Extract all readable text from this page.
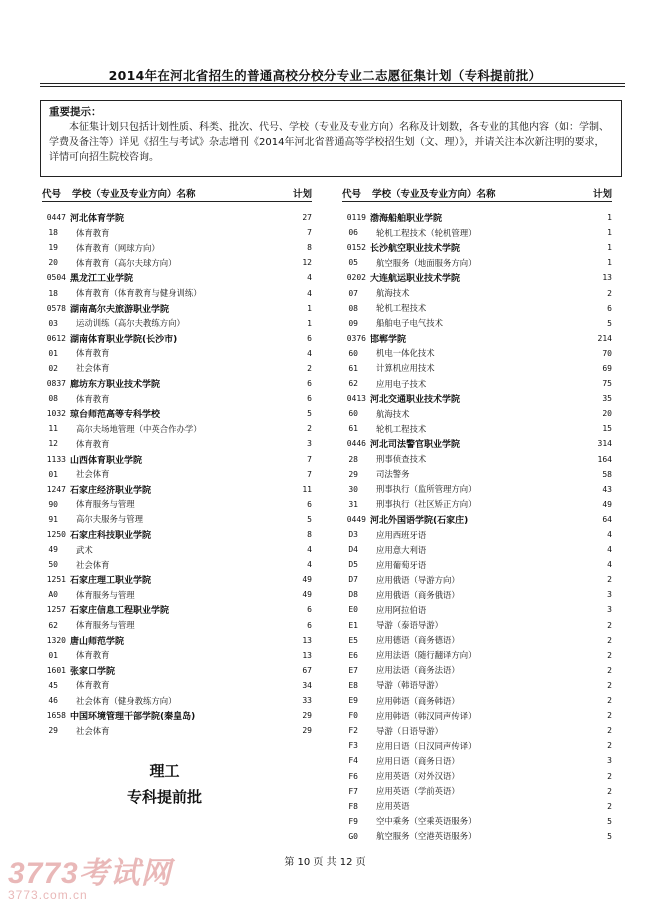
2014年在河北省招生的普通高校分校分专业二志愿征集计划（专科提前批）
重要提示：
本征集计划只包括计划性质、科类、批次、代号、学校（专业及专业方向）名称及计划数，各专业的其他内容（如：学制、学费及备注等）详见《招生与考试》杂志增刊《2014年河北省普通高等学校招生划（文、理）》，并请关注本次新注明的要求，详情可向招生院校咨询。
代号	学校（专业及专业方向）名称	计划
0447 河北体育学院	27
18	体育教育	7
19	体育教育（网球方向）	8
20	体育教育（高尔夫球方向）	12
0504 黑龙江工业学院	4
18	体育教育（体育教育与健身训练）	4
0578 湖南高尔夫旅游职业学院	1
03	运动训练（高尔夫教练方向）	1
0612 湖南体育职业学院(长沙市)	6
01	体育教育	4
02	社会体育	2
0837 廊坊东方职业技术学院	6
08	体育教育	6
1032 琼台师范高等专科学校	5
11	高尔夫场地管理（中英合作办学）	2
12	体育教育	3
1133 山西体育职业学院	7
01	社会体育	7
1247 石家庄经济职业学院	11
90	体育服务与管理	6
91	高尔夫服务与管理	5
1250 石家庄科技职业学院	8
49	武术	4
50	社会体育	4
1251 石家庄理工职业学院	49
A0	体育服务与管理	49
1257 石家庄信息工程职业学院	6
62	体育服务与管理	6
1320 唐山师范学院	13
01	体育教育	13
1601 张家口学院	67
45	体育教育	34
46	社会体育（健身教练方向）	33
1658 中国环境管理干部学院(秦皇岛)	29
29	社会体育	29
代号	学校（专业及专业方向）名称	计划
0119 渤海船舶职业学院	1
06	轮机工程技术（轮机管理）	1
0152 长沙航空职业技术学院	1
05	航空服务（地面服务方向）	1
0202 大连航运职业技术学院	13
07	航海技术	2
08	轮机工程技术	6
09	船舶电子电气技术	5
0376 邯郸学院	214
60	机电一体化技术	70
61	计算机应用技术	69
62	应用电子技术	75
0413 河北交通职业技术学院	35
60	航海技术	20
61	轮机工程技术	15
0446 河北司法警官职业学院	314
28	刑事侦查技术	164
29	司法警务	58
30	刑事执行（监所管理方向）	43
31	刑事执行（社区矫正方向）	49
0449 河北外国语学院(石家庄)	64
D3	应用西班牙语	4
D4	应用意大利语	4
D5	应用葡萄牙语	4
D7	应用俄语（导游方向）	2
D8	应用俄语（商务俄语）	3
E0	应用阿拉伯语	3
E1	导游（泰语导游）	2
E5	应用德语（商务德语）	2
E6	应用法语（随行翻译方向）	2
E7	应用法语（商务法语）	2
E8	导游（韩语导游）	2
E9	应用韩语（商务韩语）	2
F0	应用韩语（韩汉同声传译）	2
F2	导游（日语导游）	2
F3	应用日语（日汉同声传译）	2
F4	应用日语（商务日语）	3
F6	应用英语（对外汉语）	2
F7	应用英语（学前英语）	2
F8	应用英语	2
F9	空中乘务（空乘英语服务）	5
G0	航空服务（空港英语服务）	5
理工
专科提前批
第 10 页 共 12 页
3773考试网
3773.com.cn
